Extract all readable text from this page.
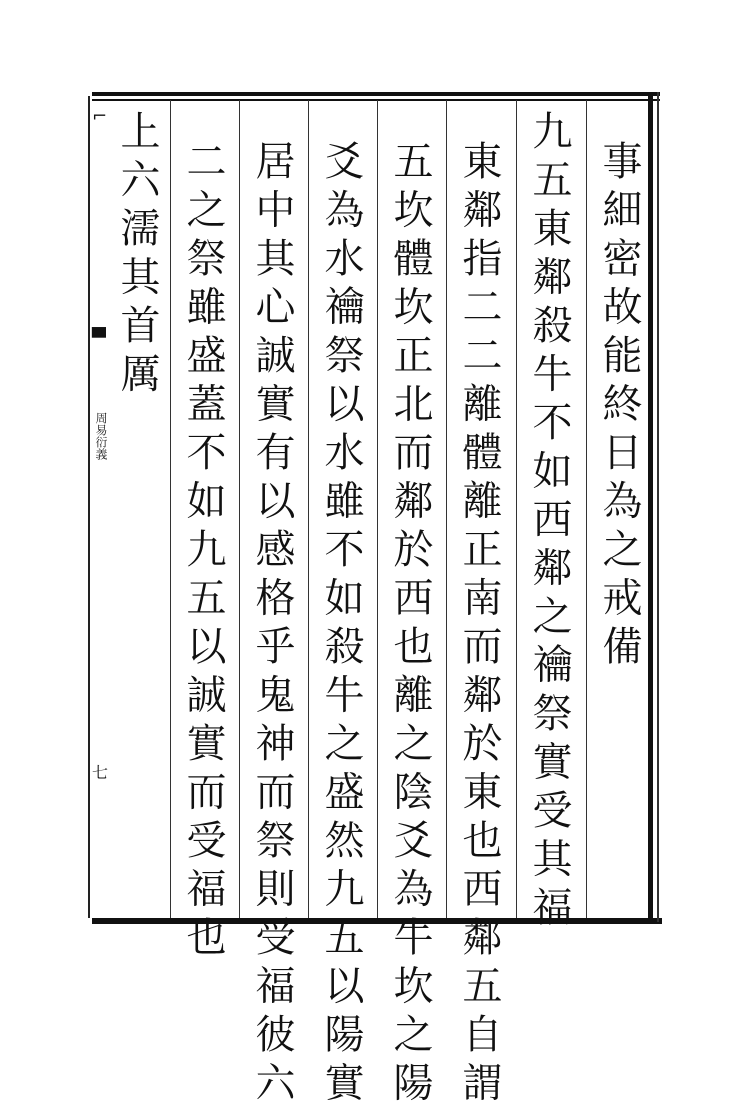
⌐
▀
周易衍義
七
事細密故能終日為之戒備
九五東鄰殺牛不如西鄰之禴祭實受其福
東鄰指二二離體離正南而鄰於東也西鄰五自謂
五坎體坎正北而鄰於西也離之陰爻為牛坎之陽
爻為水禴祭以水雖不如殺牛之盛然九五以陽實
居中其心誠實有以感格乎鬼神而祭則受福彼六
二之祭雖盛蓋不如九五以誠實而受福也
上六濡其首厲
